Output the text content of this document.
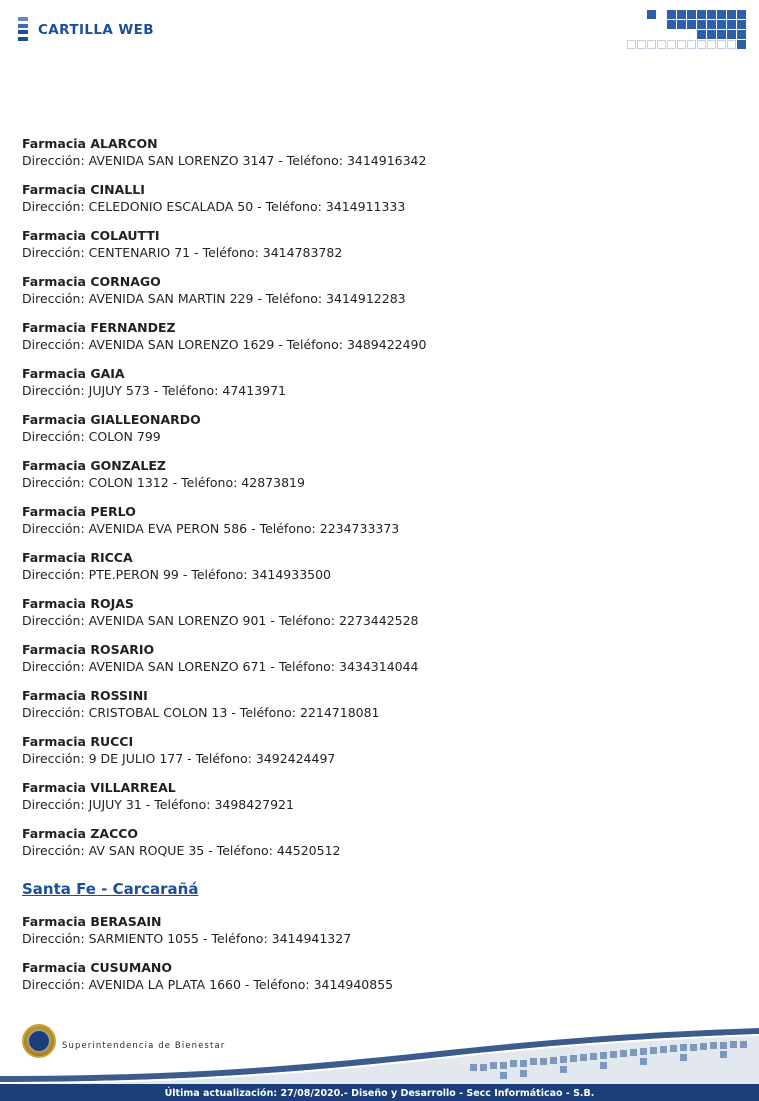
CARTILLA WEB
Farmacia ALARCON
Dirección: AVENIDA SAN LORENZO 3147 - Teléfono: 3414916342
Farmacia CINALLI
Dirección: CELEDONIO ESCALADA 50 - Teléfono: 3414911333
Farmacia COLAUTTI
Dirección: CENTENARIO 71 - Teléfono: 3414783782
Farmacia CORNAGO
Dirección: AVENIDA SAN MARTIN 229 - Teléfono: 3414912283
Farmacia FERNANDEZ
Dirección: AVENIDA SAN LORENZO 1629 - Teléfono: 3489422490
Farmacia GAIA
Dirección: JUJUY 573 - Teléfono: 47413971
Farmacia GIALLEONARDO
Dirección: COLON 799
Farmacia GONZALEZ
Dirección: COLON 1312 - Teléfono: 42873819
Farmacia PERLO
Dirección: AVENIDA EVA PERON 586 - Teléfono: 2234733373
Farmacia RICCA
Dirección: PTE.PERON 99 - Teléfono: 3414933500
Farmacia ROJAS
Dirección: AVENIDA SAN LORENZO 901 - Teléfono: 2273442528
Farmacia ROSARIO
Dirección: AVENIDA SAN LORENZO 671 - Teléfono: 3434314044
Farmacia ROSSINI
Dirección: CRISTOBAL COLON 13 - Teléfono: 2214718081
Farmacia RUCCI
Dirección: 9 DE JULIO 177 - Teléfono: 3492424497
Farmacia VILLARREAL
Dirección: JUJUY 31 - Teléfono: 3498427921
Farmacia ZACCO
Dirección: AV SAN ROQUE 35 - Teléfono: 44520512
Santa Fe - Carcarañá
Farmacia BERASAIN
Dirección: SARMIENTO 1055 - Teléfono: 3414941327
Farmacia CUSUMANO
Dirección: AVENIDA LA PLATA 1660 - Teléfono: 3414940855
Superintendencia de Bienestar
Última actualización: 27/08/2020.- Diseño y Desarrollo - Secc Informáticao - S.B.
